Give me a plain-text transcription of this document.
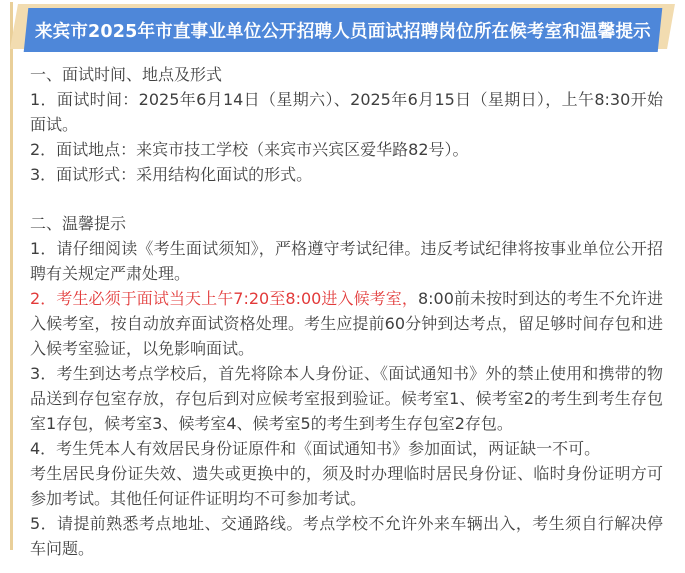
来宾市2025年市直事业单位公开招聘人员面试招聘岗位所在候考室和温馨提示

一、面试时间、地点及形式

1．面试时间：2025年6月14日（星期六）、2025年6月15日（星期日），上午8:30开始面试。

2．面试地点：来宾市技工学校（来宾市兴宾区爱华路82号）。

3．面试形式：采用结构化面试的形式。

二、温馨提示

1．请仔细阅读《考生面试须知》，严格遵守考试纪律。违反考试纪律将按事业单位公开招聘有关规定严肃处理。

2．考生必须于面试当天上午7:20至8:00进入候考室，8:00前未按时到达的考生不允许进入候考室，按自动放弃面试资格处理。考生应提前60分钟到达考点，留足够时间存包和进入候考室验证，以免影响面试。

3．考生到达考点学校后，首先将除本人身份证、《面试通知书》外的禁止使用和携带的物品送到存包室存放，存包后到对应候考室报到验证。候考室1、候考室2的考生到考生存包室1存包，候考室3、候考室4、候考室5的考生到考生存包室2存包。

4．考生凭本人有效居民身份证原件和《面试通知书》参加面试，两证缺一不可。

考生居民身份证失效、遗失或更换中的，须及时办理临时居民身份证、临时身份证明方可参加考试。其他任何证件证明均不可参加考试。

5．请提前熟悉考点地址、交通路线。考点学校不允许外来车辆出入，考生须自行解决停车问题。
